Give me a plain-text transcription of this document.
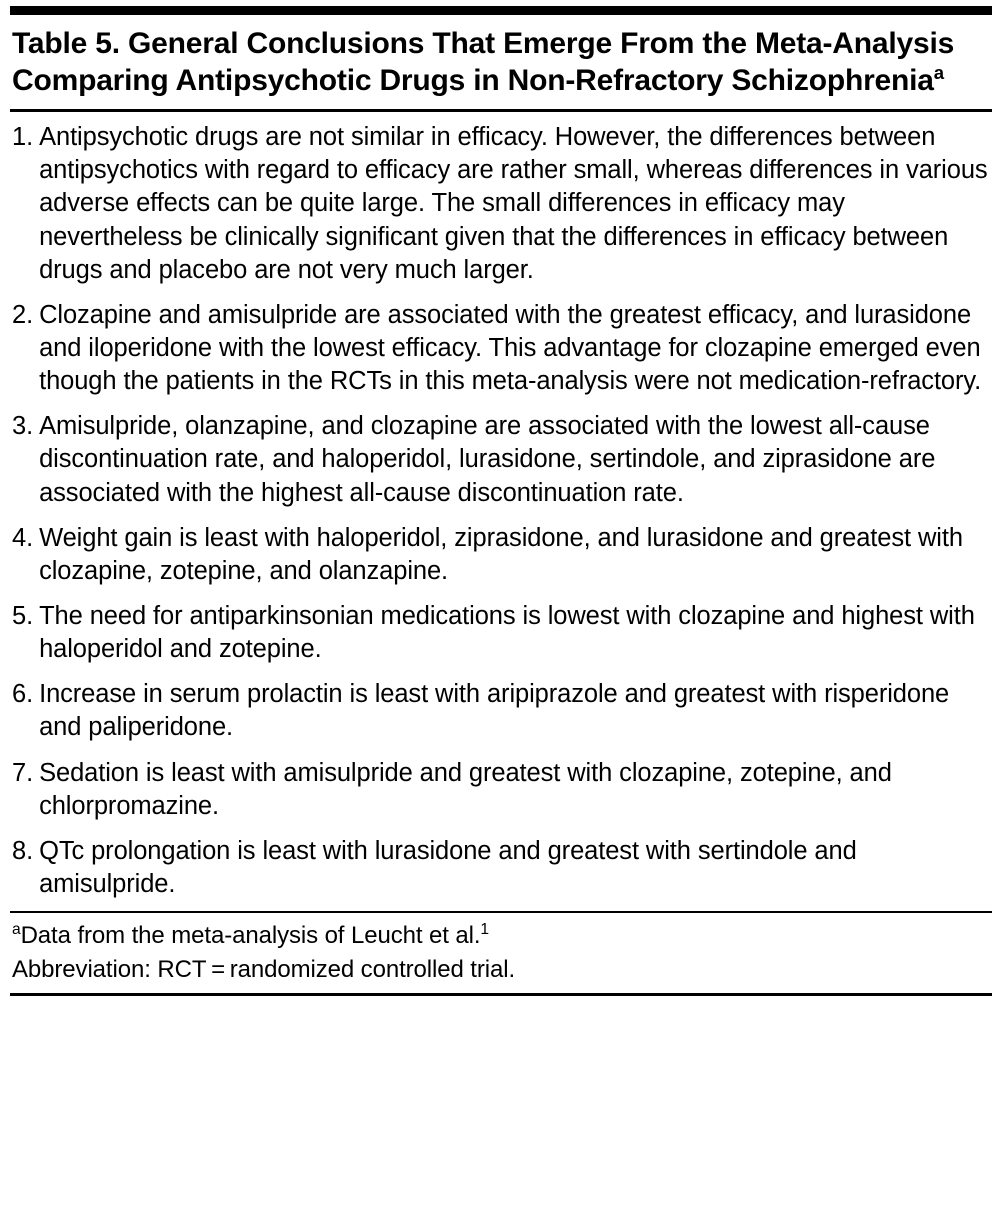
Table 5. General Conclusions That Emerge From the Meta-Analysis Comparing Antipsychotic Drugs in Non-Refractory Schizophrenia$^a$
1. Antipsychotic drugs are not similar in efficacy. However, the differences between antipsychotics with regard to efficacy are rather small, whereas differences in various adverse effects can be quite large. The small differences in efficacy may nevertheless be clinically significant given that the differences in efficacy between drugs and placebo are not very much larger.
2. Clozapine and amisulpride are associated with the greatest efficacy, and lurasidone and iloperidone with the lowest efficacy. This advantage for clozapine emerged even though the patients in the RCTs in this meta-analysis were not medication-refractory.
3. Amisulpride, olanzapine, and clozapine are associated with the lowest all-cause discontinuation rate, and haloperidol, lurasidone, sertindole, and ziprasidone are associated with the highest all-cause discontinuation rate.
4. Weight gain is least with haloperidol, ziprasidone, and lurasidone and greatest with clozapine, zotepine, and olanzapine.
5. The need for antiparkinsonian medications is lowest with clozapine and highest with haloperidol and zotepine.
6. Increase in serum prolactin is least with aripiprazole and greatest with risperidone and paliperidone.
7. Sedation is least with amisulpride and greatest with clozapine, zotepine, and chlorpromazine.
8. QTc prolongation is least with lurasidone and greatest with sertindole and amisulpride.
$^a$Data from the meta-analysis of Leucht et al.$^1$
Abbreviation: RCT = randomized controlled trial.
